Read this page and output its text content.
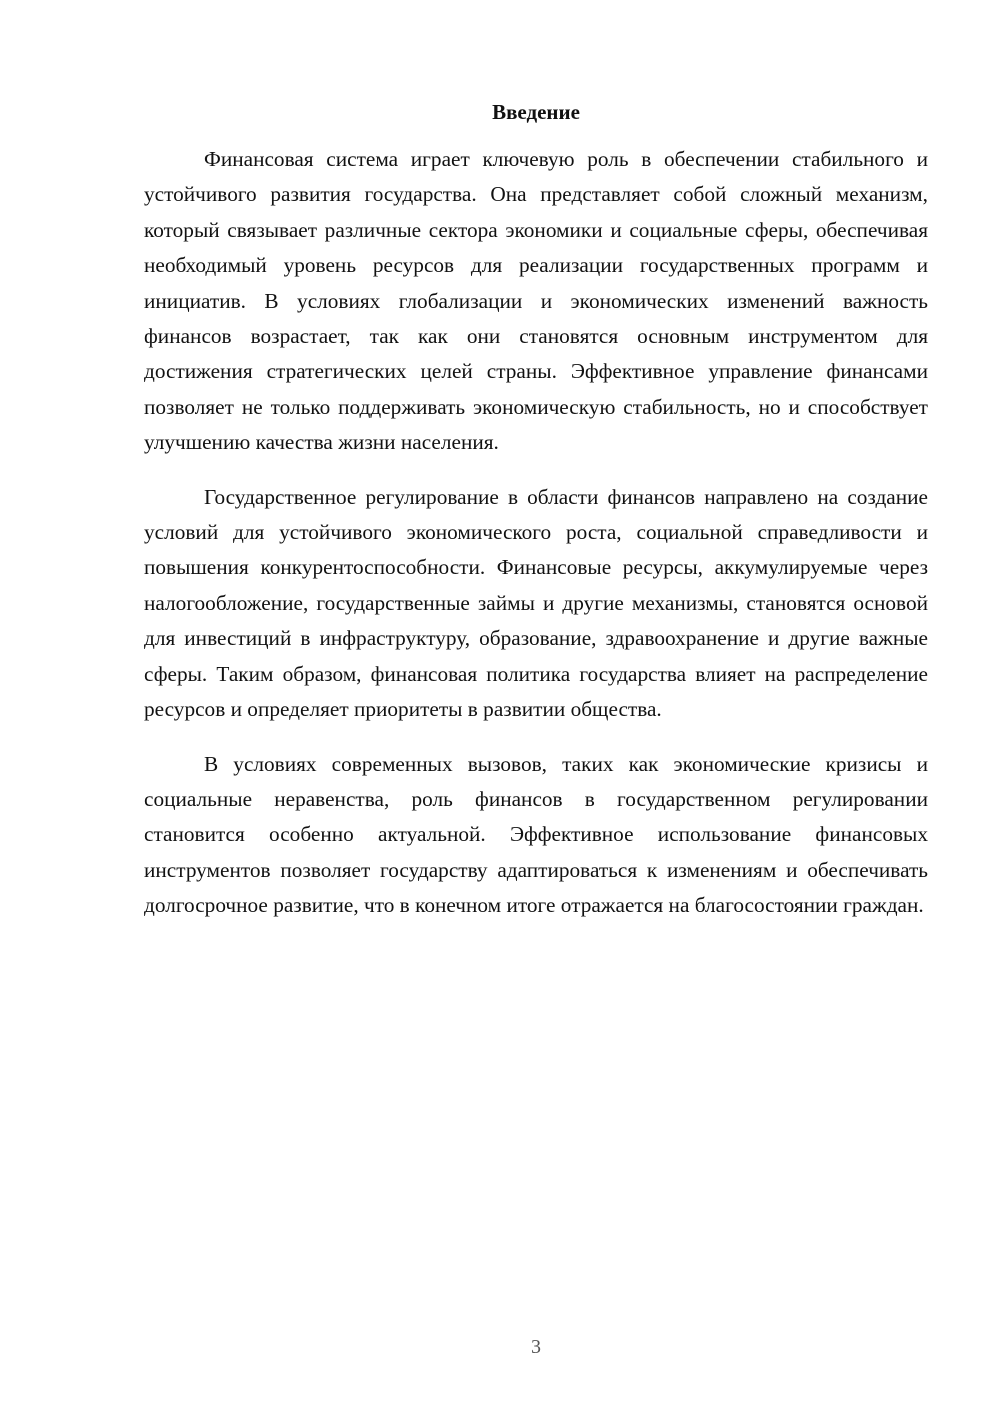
Введение

Финансовая система играет ключевую роль в обеспечении стабильного и устойчивого развития государства. Она представляет собой сложный механизм, который связывает различные сектора экономики и социальные сферы, обеспечивая необходимый уровень ресурсов для реализации государственных программ и инициатив. В условиях глобализации и экономических изменений важность финансов возрастает, так как они становятся основным инструментом для достижения стратегических целей страны. Эффективное управление финансами позволяет не только поддерживать экономическую стабильность, но и способствует улучшению качества жизни населения.

Государственное регулирование в области финансов направлено на создание условий для устойчивого экономического роста, социальной справедливости и повышения конкурентоспособности. Финансовые ресурсы, аккумулируемые через налогообложение, государственные займы и другие механизмы, становятся основой для инвестиций в инфраструктуру, образование, здравоохранение и другие важные сферы. Таким образом, финансовая политика государства влияет на распределение ресурсов и определяет приоритеты в развитии общества.

В условиях современных вызовов, таких как экономические кризисы и социальные неравенства, роль финансов в государственном регулировании становится особенно актуальной. Эффективное использование финансовых инструментов позволяет государству адаптироваться к изменениям и обеспечивать долгосрочное развитие, что в конечном итоге отражается на благосостоянии граждан.

3
